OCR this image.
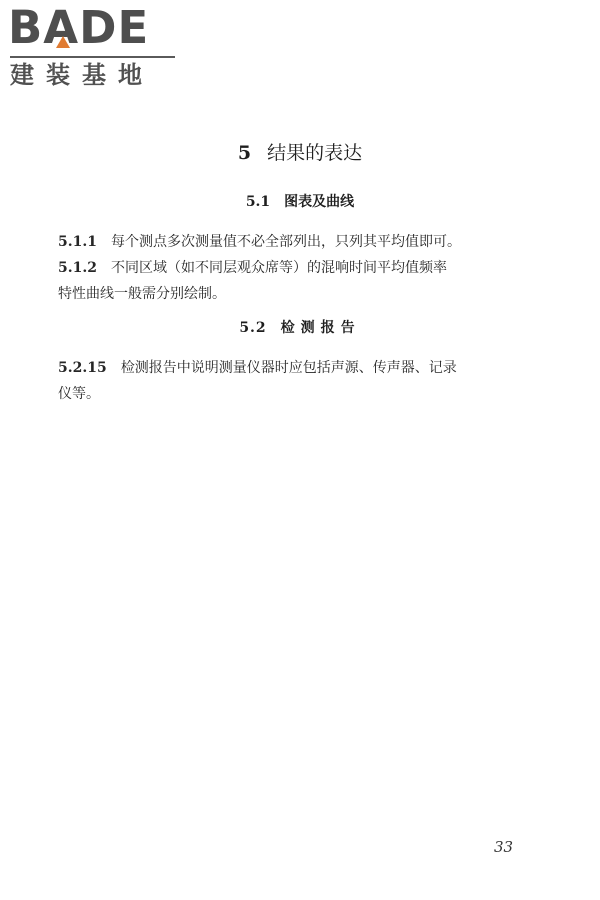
BADE
建装基地
5 结果的表达
5.1 图表及曲线
5.1.1 每个测点多次测量值不必全部列出，只列其平均值即可。
5.1.2 不同区域（如不同层观众席等）的混响时间平均值频率
特性曲线一般需分别绘制。
5.2 检测报告
5.2.15 检测报告中说明测量仪器时应包括声源、传声器、记录
仪等。
33
